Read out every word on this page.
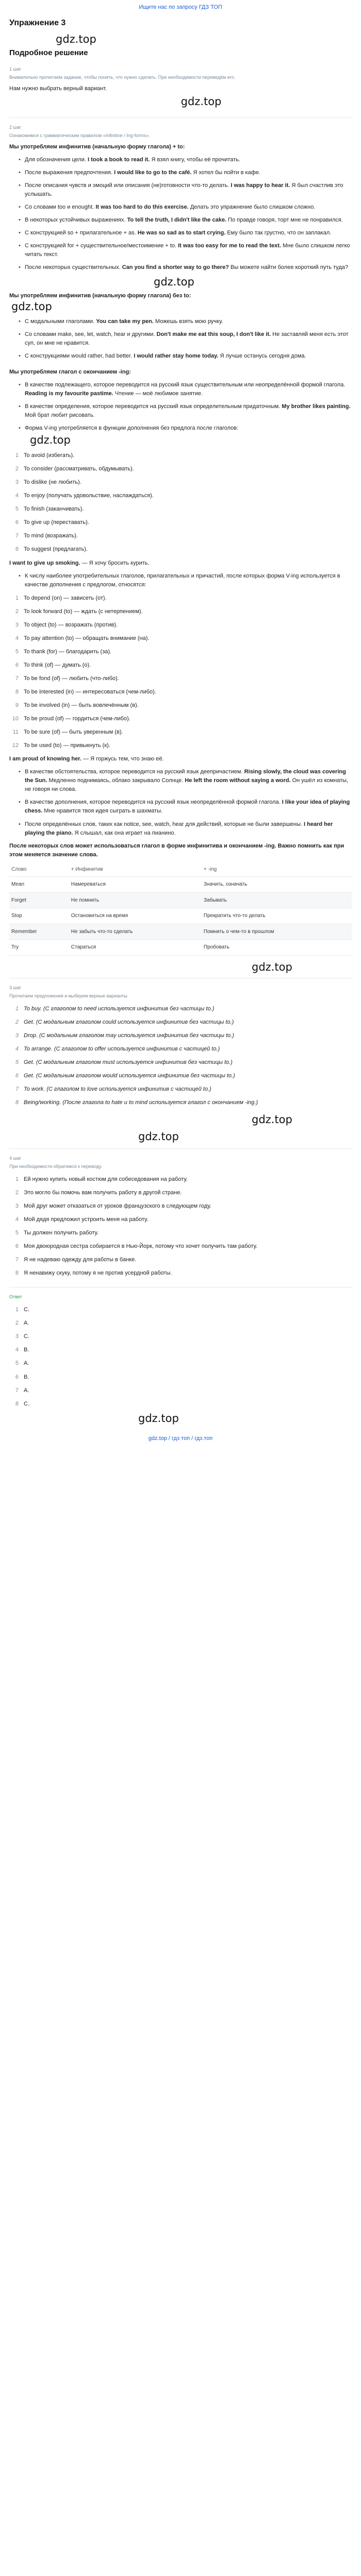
Ищите нас по запросу ГДЗ ТОП
Упражнение 3
gdz.top
Подробное решение
1 шаг
Внимательно прочитаем задание, чтобы понять, что нужно сделать. При необходимости переведём его.
Нам нужно выбрать верный вариант.
gdz.top
2 шаг
Ознакомимся с грамматическим правилом «Infinitive / Ing-forms».
Мы употребляем инфинитив (начальную форму глагола) + to:
• Для обозначения цели. I took a book to read it. Я взял книгу, чтобы её прочитать.
• После выражения предпочтения. I would like to go to the café. Я хотел бы пойти в кафе.
• После описания чувств и эмоций или описания (не)готовности что-то делать. I was happy to hear it. Я был счастлив это услышать.
• Со словами too и enought. It was too hard to do this exercise. Делать это упражнение было слишком сложно.
• В некоторых устойчивых выражениях. To tell the truth, I didn't like the cake. По правде говоря, торт мне не понравился.
• С конструкцией so + прилагательное + as. He was so sad as to start crying. Ему было так грустно, что он заплакал.
• С конструкцией for + существительное/местоимение + to. It was too easy for me to read the text. Мне было слишком легко читать текст.
• После некоторых существительных. Can you find a shorter way to go there? Вы можете найти более короткий путь туда?
gdz.top
Мы употребляем инфинитив (начальную форму глагола) без to:
gdz.top
• С модальными глаголами. You can take my pen. Можешь взять мою ручку.
• Со словами make, see, let, watch, hear и другими. Don't make me eat this soup, I don't like it. Не заставляй меня есть этот суп, он мне не нравится.
• С конструкциями would rather, had better. I would rather stay home today. Я лучше останусь сегодня дома.
Мы употребляем глагол с окончанием -ing:
• В качестве подлежащего, которое переводится на русский язык существительным или неопределённой формой глагола. Reading is my favourite pastime. Чтение — моё любимое занятие.
• В качестве определения, которое переводится на русский язык определительным придаточным. My brother likes painting. Мой брат любит рисовать.
• Форма V-ing употребляется в функции дополнения без предлога после глаголов:
gdz.top
1 To avoid (избегать).
2 To consider (рассматривать, обдумывать).
3 To dislike (не любить).
4 To enjoy (получать удовольствие, наслаждаться).
5 To finish (заканчивать).
6 To give up (переставать).
7 To mind (возражать).
8 To suggest (предлагать).
I want to give up smoking. — Я хочу бросить курить.
• К числу наиболее употребительных глаголов, прилагательных и причастий, после которых форма V-ing используется в качестве дополнения с предлогом, относятся:
1 To depend (on) — зависеть (от).
2 To look forward (to) — ждать (с нетерпением).
3 To object (to) — возражать (против).
4 To pay attention (to) — обращать внимание (на).
5 To thank (for) — благодарить (за).
6 To think (of) — думать (о).
7 To be fond (of) — любить (что-либо).
8 To be interested (in) — интересоваться (чем-либо).
9 To be involved (in) — быть вовлечённым (в).
10 To be proud (of) — гордиться (чем-либо).
11 To be sure (of) — быть уверенным (в).
12 To be used (to) — привыкнуть (к).
I am proud of knowing her. — Я горжусь тем, что знаю её.
• В качестве обстоятельства, которое переводится на русский язык деепричастием. Rising slowly, the cloud was covering the Sun. Медленно поднимаясь, облако закрывало Солнце. He left the room without saying a word. Он ушёл из комнаты, не говоря ни слова.
• В качестве дополнения, которое переводится на русский язык неопределённой формой глагола. I like your idea of playing chess. Мне нравится твоя идея сыграть в шахматы.
• После определённых слов, таких как notice, see, watch, hear для действий, которые не были завершены. I heard her playing the piano. Я слышал, как она играет на пианино.
После некоторых слов может использоваться глагол в форме инфинитива и окончанием -ing. Важно помнить как при этом меняется значение слова.
Слово	+ Инфинитив	+ -ing
Mean	Намереваться	Значить, означать
Forget	Не помнить	Забывать
Stop	Остановиться на время	Прекратить что-то делать
Remember	Не забыть что-то сделать	Помнить о чем-то в прошлом
Try	Стараться	Пробовать
gdz.top
3 шаг
Прочитаем предложения и выберем верные варианты.
1 To buy. (С глаголом to need используется инфинитив без частицы to.)
2 Get. (С модальным глаголом could используется инфинитив без частицы to.)
3 Drop. (С модальным глаголом may используется инфинитив без частицы to.)
4 To arrange. (С глаголом to offer используется инфинитив с частицей to.)
5 Get. (С модальным глаголом must используется инфинитив без частицы to.)
6 Get. (С модальным глаголом would используется инфинитив без частицы to.)
7 To work. (С глаголом to love используется инфинитив с частицей to.)
8 Being/working. (После глагола to hate и to mind используется глагол с окончанием -ing.)
gdz.top
gdz.top
4 шаг
При необходимости обратимся к переводу.
1 Ей нужно купить новый костюм для собеседования на работу.
2 Это могло бы помочь вам получить работу в другой стране.
3 Мой друг может отказаться от уроков французского в следующем году.
4 Мой дядя предложил устроить меня на работу.
5 Ты должен получить работу.
6 Моя двоюродная сестра собирается в Нью-Йорк, потому что хочет получить там работу.
7 Я не надеваю одежду для работы в банке.
8 Я ненавижу скуку, потому я не против усердной работы.
Ответ
1 C.
2 A.
3 C.
4 B.
5 A.
6 B.
7 A.
8 C.
gdz.top
gdz.top / гдз топ / гдз.топ
